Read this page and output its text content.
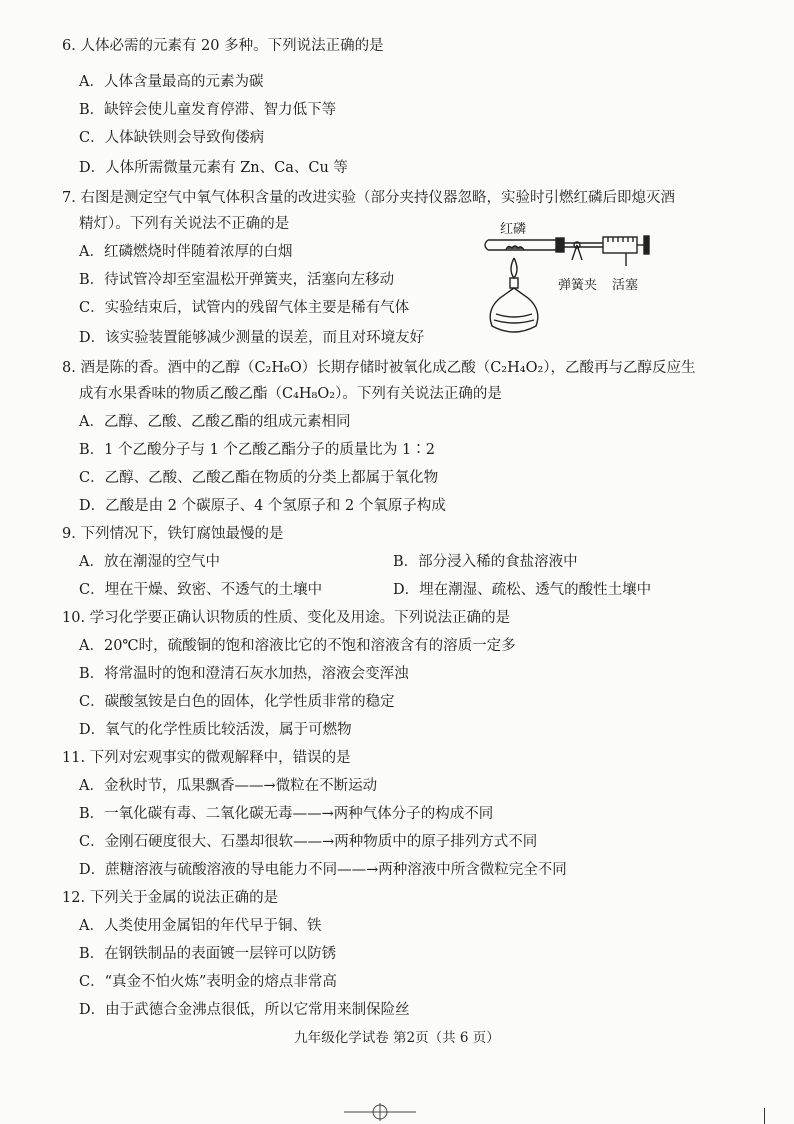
6. 人体必需的元素有 20 多种。下列说法正确的是
A．人体含量最高的元素为碳
B．缺锌会使儿童发育停滞、智力低下等
C．人体缺铁则会导致佝偻病
D．人体所需微量元素有 Zn、Ca、Cu 等
7. 右图是测定空气中氧气体积含量的改进实验（部分夹持仪器忽略，实验时引燃红磷后即熄灭酒
精灯）。下列有关说法不正确的是
A．红磷燃烧时伴随着浓厚的白烟
B．待试管冷却至室温松开弹簧夹，活塞向左移动
C．实验结束后，试管内的残留气体主要是稀有气体
D．该实验装置能够减少测量的误差，而且对环境友好
红磷
弹簧夹 活塞
8. 酒是陈的香。酒中的乙醇（C₂H₆O）长期存储时被氧化成乙酸（C₂H₄O₂），乙酸再与乙醇反应生
成有水果香味的物质乙酸乙酯（C₄H₈O₂）。下列有关说法正确的是
A．乙醇、乙酸、乙酸乙酯的组成元素相同
B．1 个乙酸分子与 1 个乙酸乙酯分子的质量比为 1∶2
C．乙醇、乙酸、乙酸乙酯在物质的分类上都属于氧化物
D．乙酸是由 2 个碳原子、4 个氢原子和 2 个氧原子构成
9. 下列情况下，铁钉腐蚀最慢的是
A．放在潮湿的空气中	B．部分浸入稀的食盐溶液中
C．埋在干燥、致密、不透气的土壤中	D．埋在潮湿、疏松、透气的酸性土壤中
10. 学习化学要正确认识物质的性质、变化及用途。下列说法正确的是
A．20℃时，硫酸铜的饱和溶液比它的不饱和溶液含有的溶质一定多
B．将常温时的饱和澄清石灰水加热，溶液会变浑浊
C．碳酸氢铵是白色的固体，化学性质非常的稳定
D．氧气的化学性质比较活泼，属于可燃物
11. 下列对宏观事实的微观解释中，错误的是
A．金秋时节，瓜果飘香——→微粒在不断运动
B．一氧化碳有毒、二氧化碳无毒——→两种气体分子的构成不同
C．金刚石硬度很大、石墨却很软——→两种物质中的原子排列方式不同
D．蔗糖溶液与硫酸溶液的导电能力不同——→两种溶液中所含微粒完全不同
12. 下列关于金属的说法正确的是
A．人类使用金属铝的年代早于铜、铁
B．在钢铁制品的表面镀一层锌可以防锈
C．“真金不怕火炼”表明金的熔点非常高
D．由于武德合金沸点很低，所以它常用来制保险丝
九年级化学试卷 第2页（共 6 页）
